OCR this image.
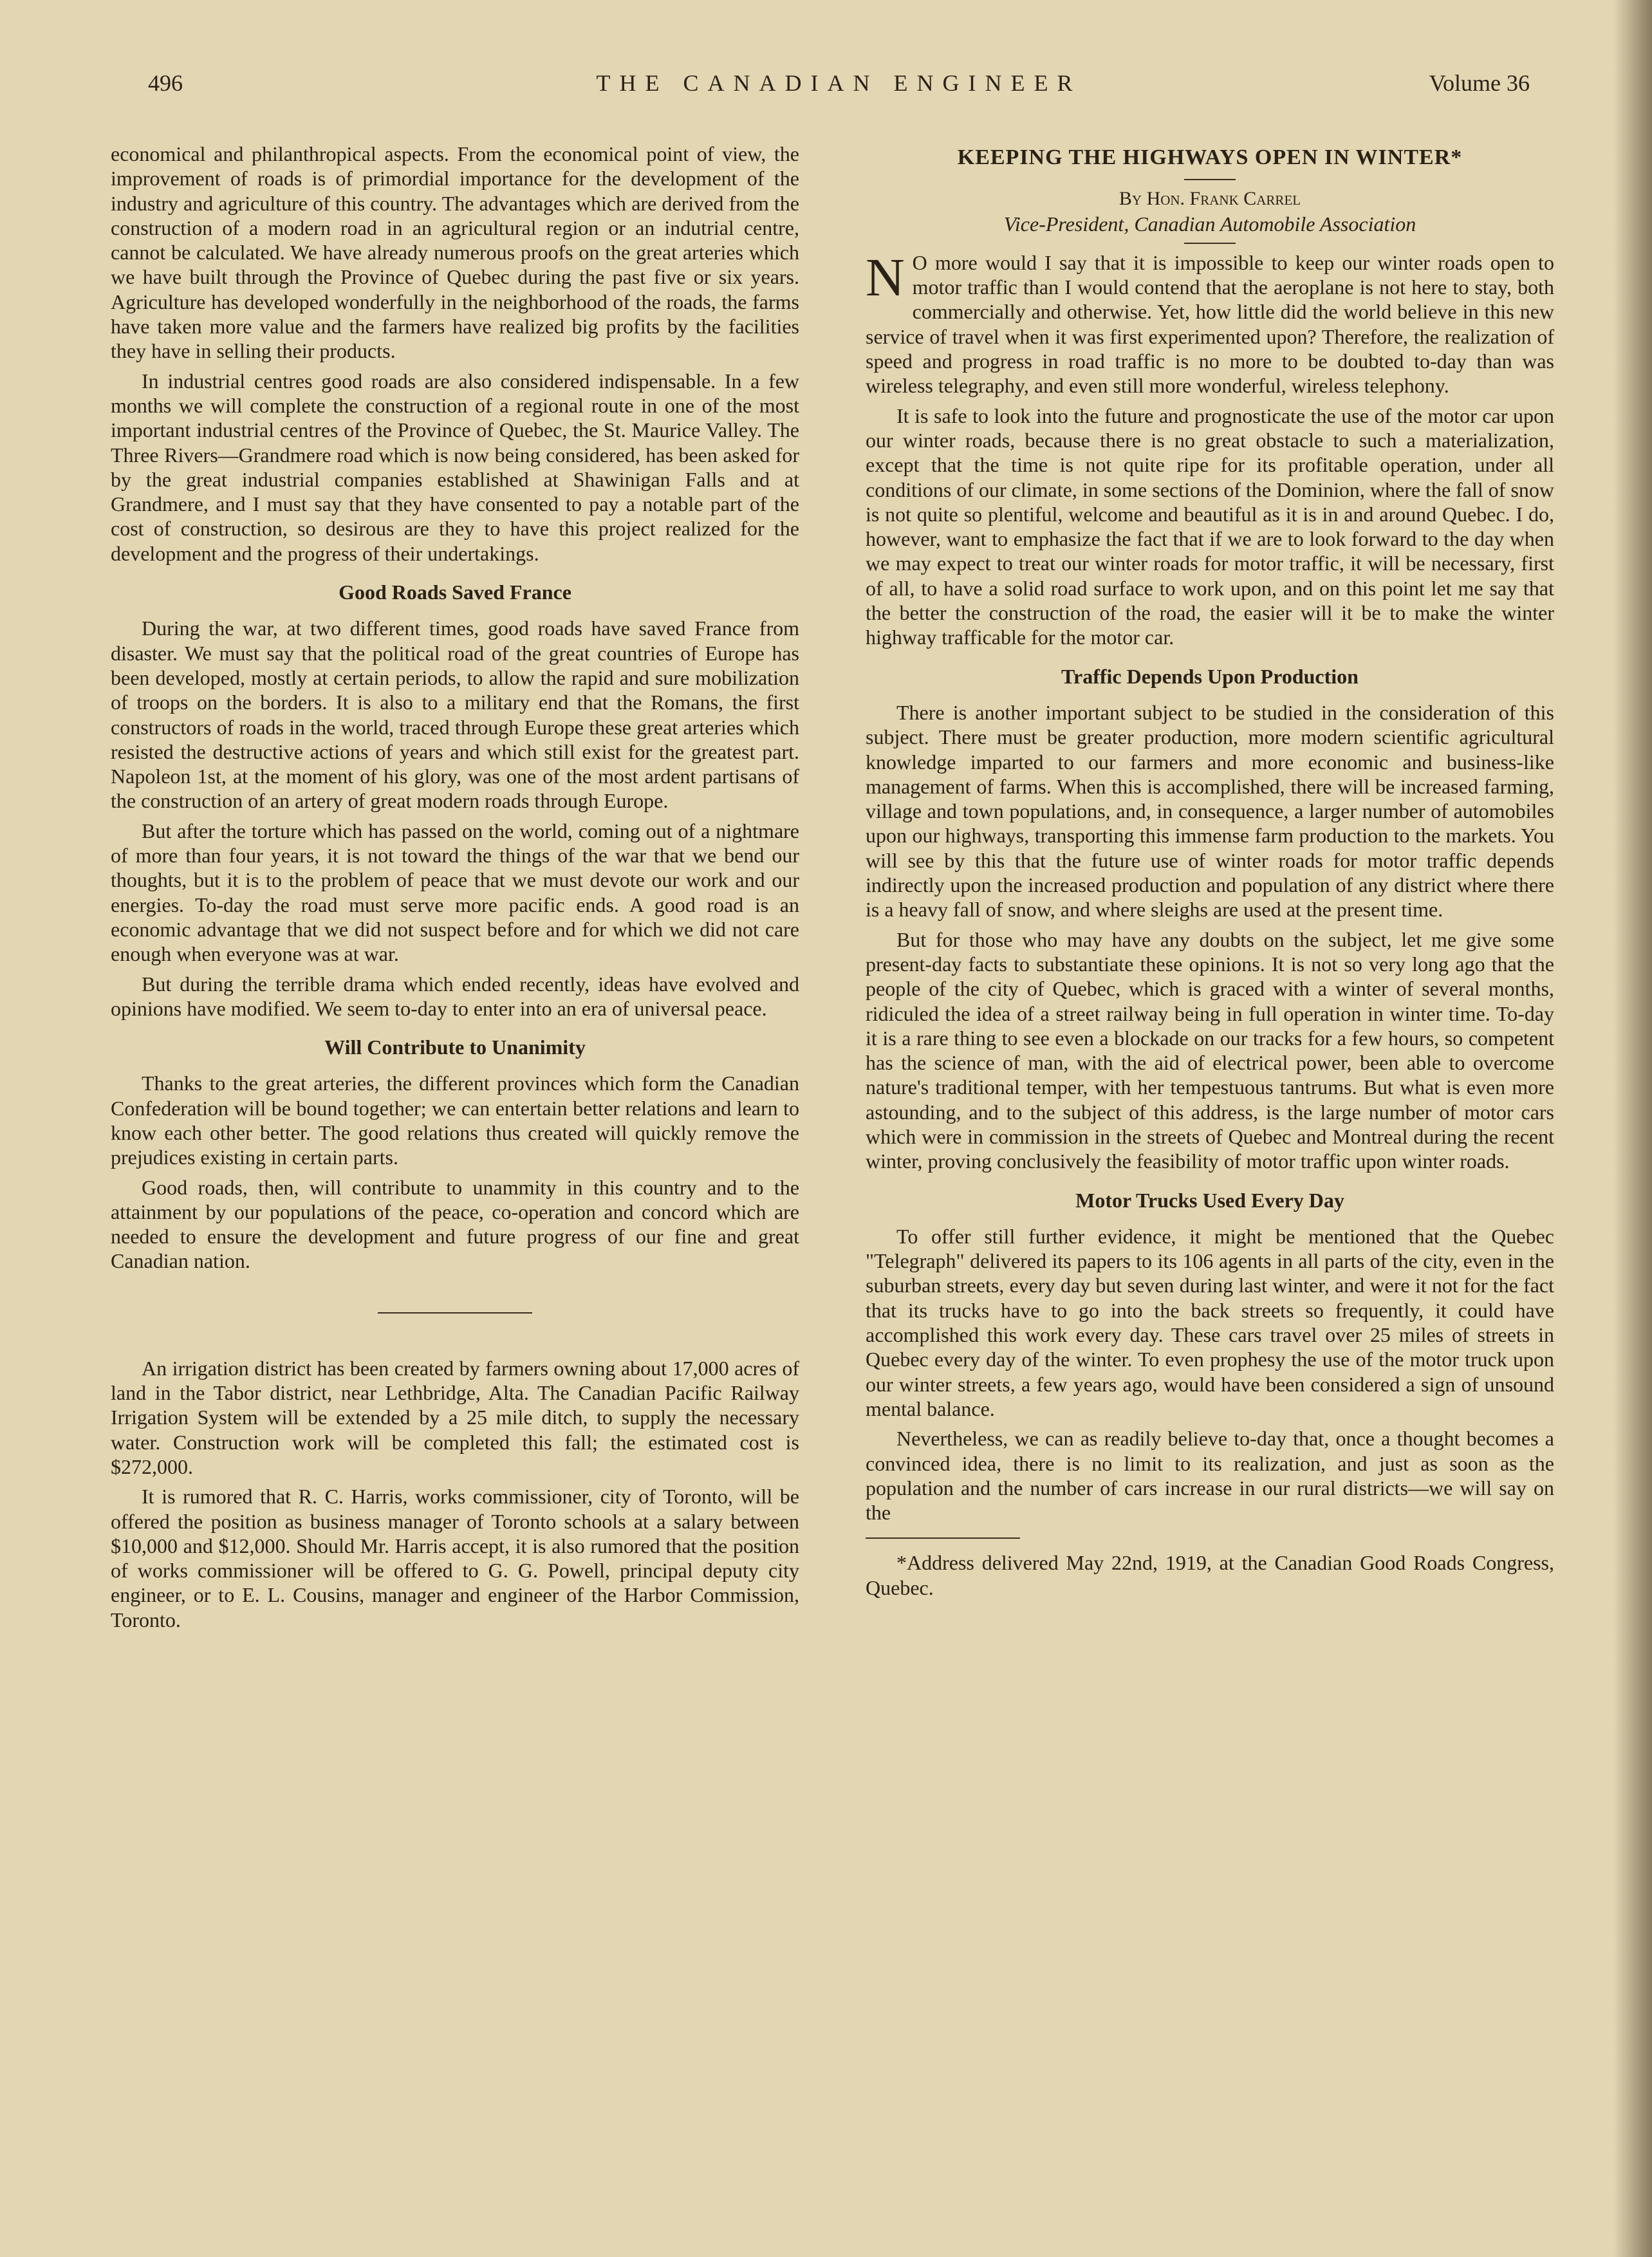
496	THE CANADIAN ENGINEER	Volume 36

economical and philanthropical aspects. From the economical point of view, the improvement of roads is of primordial importance for the development of the industry and agriculture of this country. The advantages which are derived from the construction of a modern road in an agricultural region or an indutrial centre, cannot be calculated. We have already numerous proofs on the great arteries which we have built through the Province of Quebec during the past five or six years. Agriculture has developed wonderfully in the neighborhood of the roads, the farms have taken more value and the farmers have realized big profits by the facilities they have in selling their products.

In industrial centres good roads are also considered indispensable. In a few months we will complete the construction of a regional route in one of the most important industrial centres of the Province of Quebec, the St. Maurice Valley. The Three Rivers—Grandmere road which is now being considered, has been asked for by the great industrial companies established at Shawinigan Falls and at Grandmere, and I must say that they have consented to pay a notable part of the cost of construction, so desirous are they to have this project realized for the development and the progress of their undertakings.

Good Roads Saved France

During the war, at two different times, good roads have saved France from disaster. We must say that the political road of the great countries of Europe has been developed, mostly at certain periods, to allow the rapid and sure mobilization of troops on the borders. It is also to a military end that the Romans, the first constructors of roads in the world, traced through Europe these great arteries which resisted the destructive actions of years and which still exist for the greatest part. Napoleon 1st, at the moment of his glory, was one of the most ardent partisans of the construction of an artery of great modern roads through Europe.

But after the torture which has passed on the world, coming out of a nightmare of more than four years, it is not toward the things of the war that we bend our thoughts, but it is to the problem of peace that we must devote our work and our energies. To-day the road must serve more pacific ends. A good road is an economic advantage that we did not suspect before and for which we did not care enough when everyone was at war.

But during the terrible drama which ended recently, ideas have evolved and opinions have modified. We seem to-day to enter into an era of universal peace.

Will Contribute to Unanimity

Thanks to the great arteries, the different provinces which form the Canadian Confederation will be bound together; we can entertain better relations and learn to know each other better. The good relations thus created will quickly remove the prejudices existing in certain parts.

Good roads, then, will contribute to unammity in this country and to the attainment by our populations of the peace, co-operation and concord which are needed to ensure the development and future progress of our fine and great Canadian nation.

An irrigation district has been created by farmers owning about 17,000 acres of land in the Tabor district, near Lethbridge, Alta. The Canadian Pacific Railway Irrigation System will be extended by a 25 mile ditch, to supply the necessary water. Construction work will be completed this fall; the estimated cost is $272,000.

It is rumored that R. C. Harris, works commissioner, city of Toronto, will be offered the position as business manager of Toronto schools at a salary between $10,000 and $12,000. Should Mr. Harris accept, it is also rumored that the position of works commissioner will be offered to G. G. Powell, principal deputy city engineer, or to E. L. Cousins, manager and engineer of the Harbor Commission, Toronto.

KEEPING THE HIGHWAYS OPEN IN WINTER*
By Hon. Frank Carrel
Vice-President, Canadian Automobile Association

N O more would I say that it is impossible to keep our winter roads open to motor traffic than I would contend that the aeroplane is not here to stay, both commercially and otherwise. Yet, how little did the world believe in this new service of travel when it was first experimented upon? Therefore, the realization of speed and progress in road traffic is no more to be doubted to-day than was wireless telegraphy, and even still more wonderful, wireless telephony.

It is safe to look into the future and prognosticate the use of the motor car upon our winter roads, because there is no great obstacle to such a materialization, except that the time is not quite ripe for its profitable operation, under all conditions of our climate, in some sections of the Dominion, where the fall of snow is not quite so plentiful, welcome and beautiful as it is in and around Quebec. I do, however, want to emphasize the fact that if we are to look forward to the day when we may expect to treat our winter roads for motor traffic, it will be necessary, first of all, to have a solid road surface to work upon, and on this point let me say that the better the construction of the road, the easier will it be to make the winter highway trafficable for the motor car.

Traffic Depends Upon Production

There is another important subject to be studied in the consideration of this subject. There must be greater production, more modern scientific agricultural knowledge imparted to our farmers and more economic and business-like management of farms. When this is accomplished, there will be increased farming, village and town populations, and, in consequence, a larger number of automobiles upon our highways, transporting this immense farm production to the markets. You will see by this that the future use of winter roads for motor traffic depends indirectly upon the increased production and population of any district where there is a heavy fall of snow, and where sleighs are used at the present time.

But for those who may have any doubts on the subject, let me give some present-day facts to substantiate these opinions. It is not so very long ago that the people of the city of Quebec, which is graced with a winter of several months, ridiculed the idea of a street railway being in full operation in winter time. To-day it is a rare thing to see even a blockade on our tracks for a few hours, so competent has the science of man, with the aid of electrical power, been able to overcome nature's traditional temper, with her tempestuous tantrums. But what is even more astounding, and to the subject of this address, is the large number of motor cars which were in commission in the streets of Quebec and Montreal during the recent winter, proving conclusively the feasibility of motor traffic upon winter roads.

Motor Trucks Used Every Day

To offer still further evidence, it might be mentioned that the Quebec "Telegraph" delivered its papers to its 106 agents in all parts of the city, even in the suburban streets, every day but seven during last winter, and were it not for the fact that its trucks have to go into the back streets so frequently, it could have accomplished this work every day. These cars travel over 25 miles of streets in Quebec every day of the winter. To even prophesy the use of the motor truck upon our winter streets, a few years ago, would have been considered a sign of unsound mental balance.

Nevertheless, we can as readily believe to-day that, once a thought becomes a convinced idea, there is no limit to its realization, and just as soon as the population and the number of cars increase in our rural districts—we will say on the

*Address delivered May 22nd, 1919, at the Canadian Good Roads Congress, Quebec.
